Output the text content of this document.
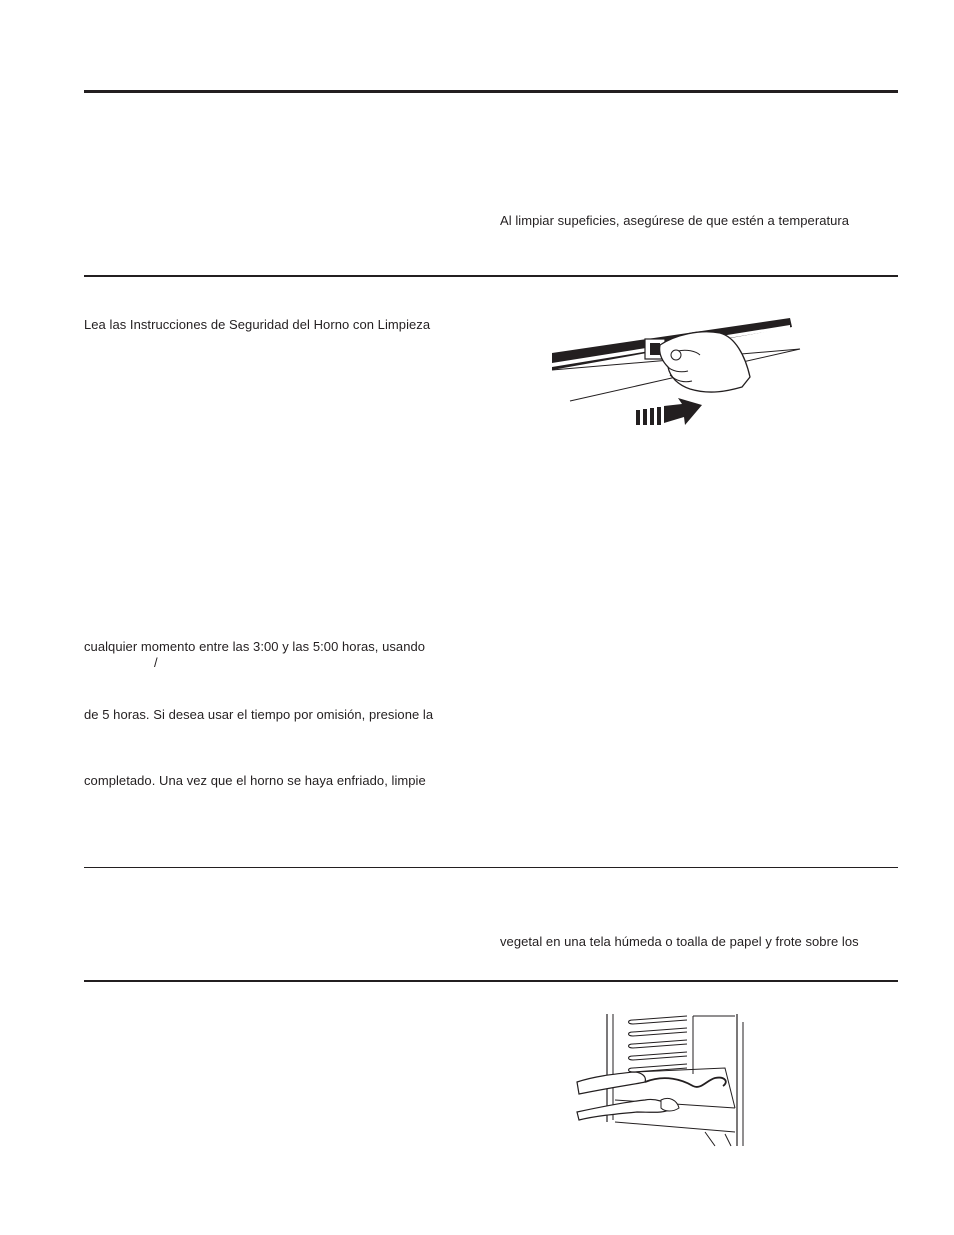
Al limpiar supeficies, asegúrese de que estén a temperatura
Lea las Instrucciones de Seguridad del Horno con Limpieza
cualquier momento entre las 3:00 y las 5:00 horas, usando
/
de 5 horas. Si desea usar el tiempo por omisión, presione la
completado. Una vez que el horno se haya enfriado, limpie
vegetal en una tela húmeda o toalla de papel y frote sobre los
